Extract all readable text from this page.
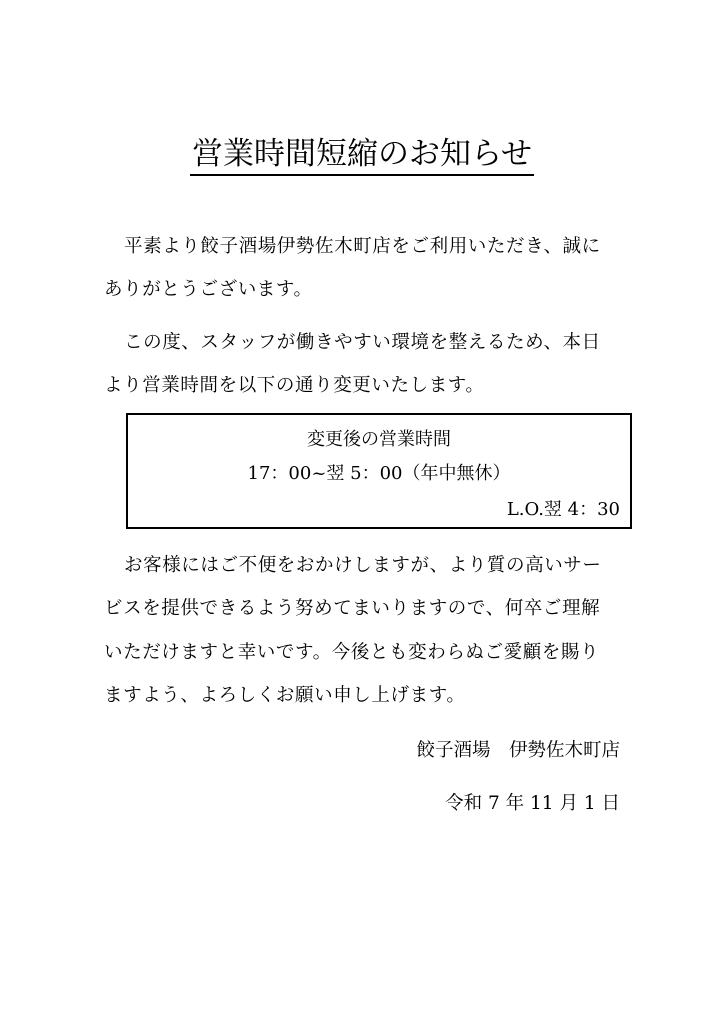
営業時間短縮のお知らせ

平素より餃子酒場伊勢佐木町店をご利用いただき、誠に

ありがとうございます。

この度、スタッフが働きやすい環境を整えるため、本日

より営業時間を以下の通り変更いたします。

変更後の営業時間
17：00~翌 5：00（年中無休）
L.O.翌 4：30

お客様にはご不便をおかけしますが、より質の高いサー

ビスを提供できるよう努めてまいりますので、何卒ご理解

いただけますと幸いです。今後とも変わらぬご愛顧を賜り

ますよう、よろしくお願い申し上げます。

餃子酒場　伊勢佐木町店

令和 7 年 11 月 1 日
